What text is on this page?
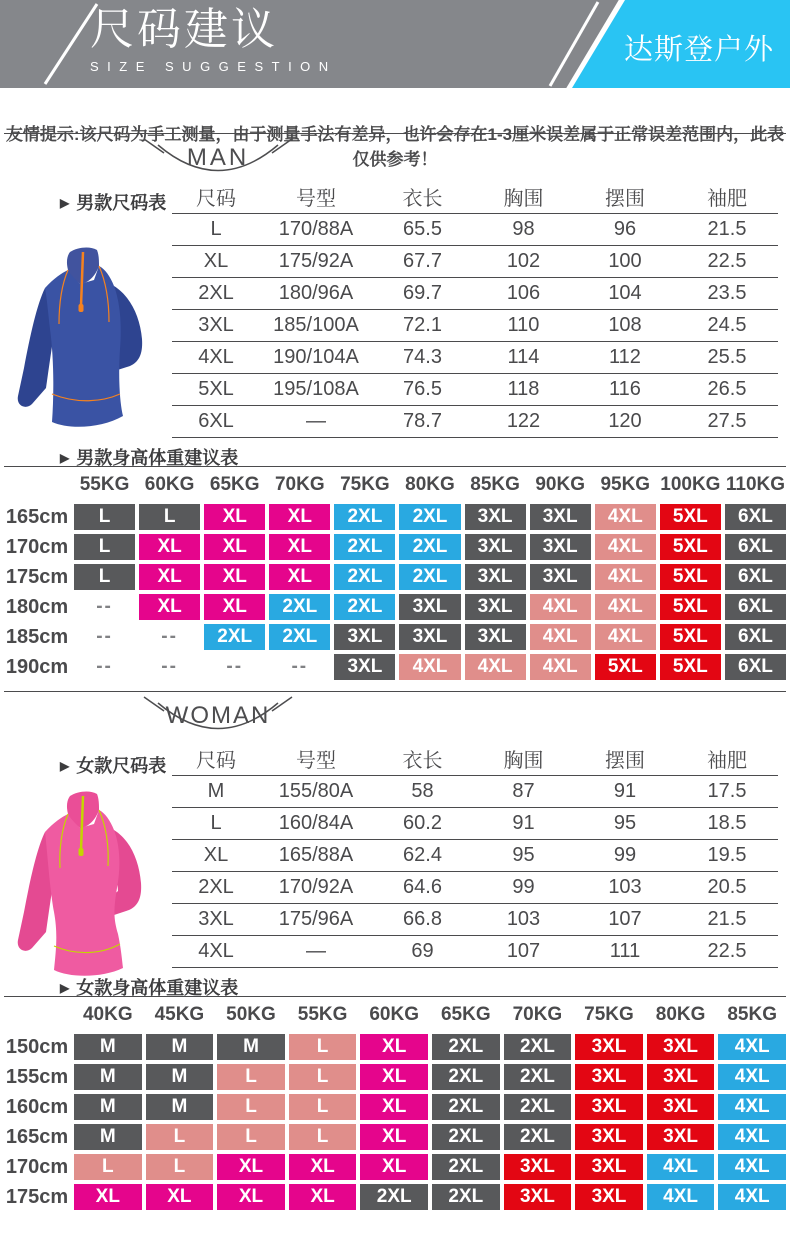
尺码建议
SIZE SUGGESTION
达斯登户外

友情提示:该尺码为手工测量，由于测量手法有差异，也许会存在1-3厘米误差属于正常误差范围内，此表仅供参考！

MAN
▶ 男款尺码表 尺码	号型	衣长	胸围	摆围	袖肥
L	170/88A	65.5	98	96	21.5
XL	175/92A	67.7	102	100	22.5
2XL	180/96A	69.7	106	104	23.5
3XL	185/100A	72.1	110	108	24.5
4XL	190/104A	74.3	114	112	25.5
5XL	195/108A	76.5	118	116	26.5
6XL	—	78.7	122	120	27.5
▶ 男款身高体重建议表
55KG 60KG 65KG 70KG 75KG 80KG 85KG 90KG 95KG 100KG 110KG
165cm	L	L	XL	XL	2XL	2XL	3XL	3XL	4XL	5XL	6XL
170cm	L	XL	XL	XL	2XL	2XL	3XL	3XL	4XL	5XL	6XL
175cm	L	XL	XL	XL	2XL	2XL	3XL	3XL	4XL	5XL	6XL
180cm	--	XL	XL	2XL	2XL	3XL	3XL	4XL	4XL	5XL	6XL
185cm	--	--	2XL	2XL	3XL	3XL	3XL	4XL	4XL	5XL	6XL
190cm	--	--	--	--	3XL	4XL	4XL	4XL	5XL	5XL	6XL
WOMAN
▶ 女款尺码表 尺码	号型	衣长	胸围	摆围	袖肥
M	155/80A	58	87	91	17.5
L	160/84A	60.2	91	95	18.5
XL	165/88A	62.4	95	99	19.5
2XL	170/92A	64.6	99	103	20.5
3XL	175/96A	66.8	103	107	21.5
4XL	—	69	107	111	22.5
▶ 女款身高体重建议表
40KG	45KG	50KG	55KG	60KG	65KG	70KG	75KG	80KG	85KG
150cm	M	M	M	L	XL	2XL	2XL	3XL	3XL	4XL
155cm	M	M	L	L	XL	2XL	2XL	3XL	3XL	4XL
160cm	M	M	L	L	XL	2XL	2XL	3XL	3XL	4XL
165cm	M	L	L	L	XL	2XL	2XL	3XL	3XL	4XL
170cm	L	L	XL	XL	XL	2XL	3XL	3XL	4XL	4XL
175cm	XL	XL	XL	XL	2XL	2XL	3XL	3XL	4XL	4XL
